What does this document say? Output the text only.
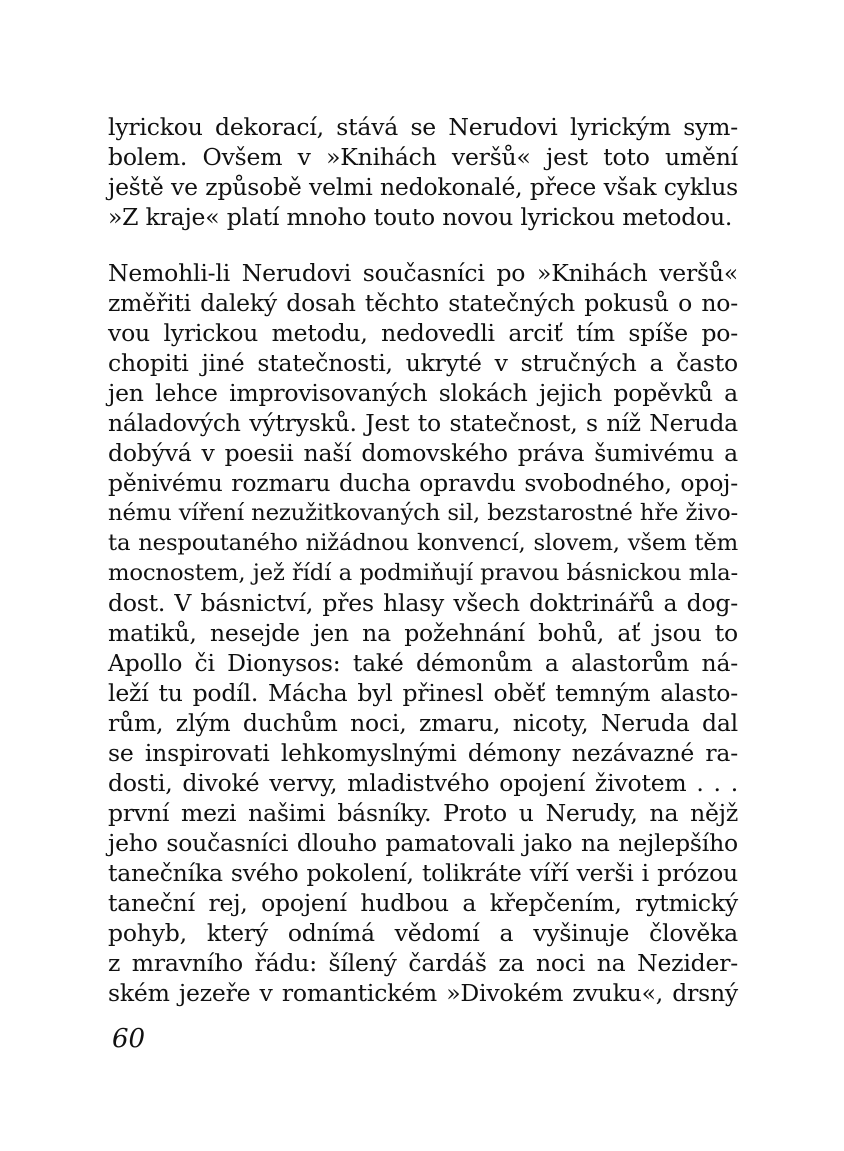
lyrickou dekorací, stává se Nerudovi lyrickým sym-
bolem. Ovšem v »Knihách veršů« jest toto umění
ještě ve způsobě velmi nedokonalé, přece však cyklus
»Z kraje« platí mnoho touto novou lyrickou metodou.
Nemohli-li Nerudovi současníci po »Knihách veršů«
změřiti daleký dosah těchto statečných pokusů o no-
vou lyrickou metodu, nedovedli arciť tím spíše po-
chopiti jiné statečnosti, ukryté v stručných a často
jen lehce improvisovaných slokách jejich popěvků a
náladových výtrysků. Jest to statečnost, s níž Neruda
dobývá v poesii naší domovského práva šumivému a
pěnivému rozmaru ducha opravdu svobodného, opoj-
nému víření nezužitkovaných sil, bezstarostné hře živo-
ta nespoutaného nižádnou konvencí, slovem, všem těm
mocnostem, jež řídí a podmiňují pravou básnickou mla-
dost. V básnictví, přes hlasy všech doktrinářů a dog-
matiků, nesejde jen na požehnání bohů, ať jsou to
Apollo či Dionysos: také démonům a alastorům ná-
leží tu podíl. Mácha byl přinesl oběť temným alasto-
rům, zlým duchům noci, zmaru, nicoty, Neruda dal
se inspirovati lehkomyslnými démony nezávazné ra-
dosti, divoké vervy, mladistvého opojení životem . . .
první mezi našimi básníky. Proto u Nerudy, na nějž
jeho současníci dlouho pamatovali jako na nejlepšího
tanečníka svého pokolení, tolikráte víří verši i prózou
taneční rej, opojení hudbou a křepčením, rytmický
pohyb, který odnímá vědomí a vyšinuje člověka
z mravního řádu: šílený čardáš za noci na Nezider-
ském jezeře v romantickém »Divokém zvuku«, drsný
60
